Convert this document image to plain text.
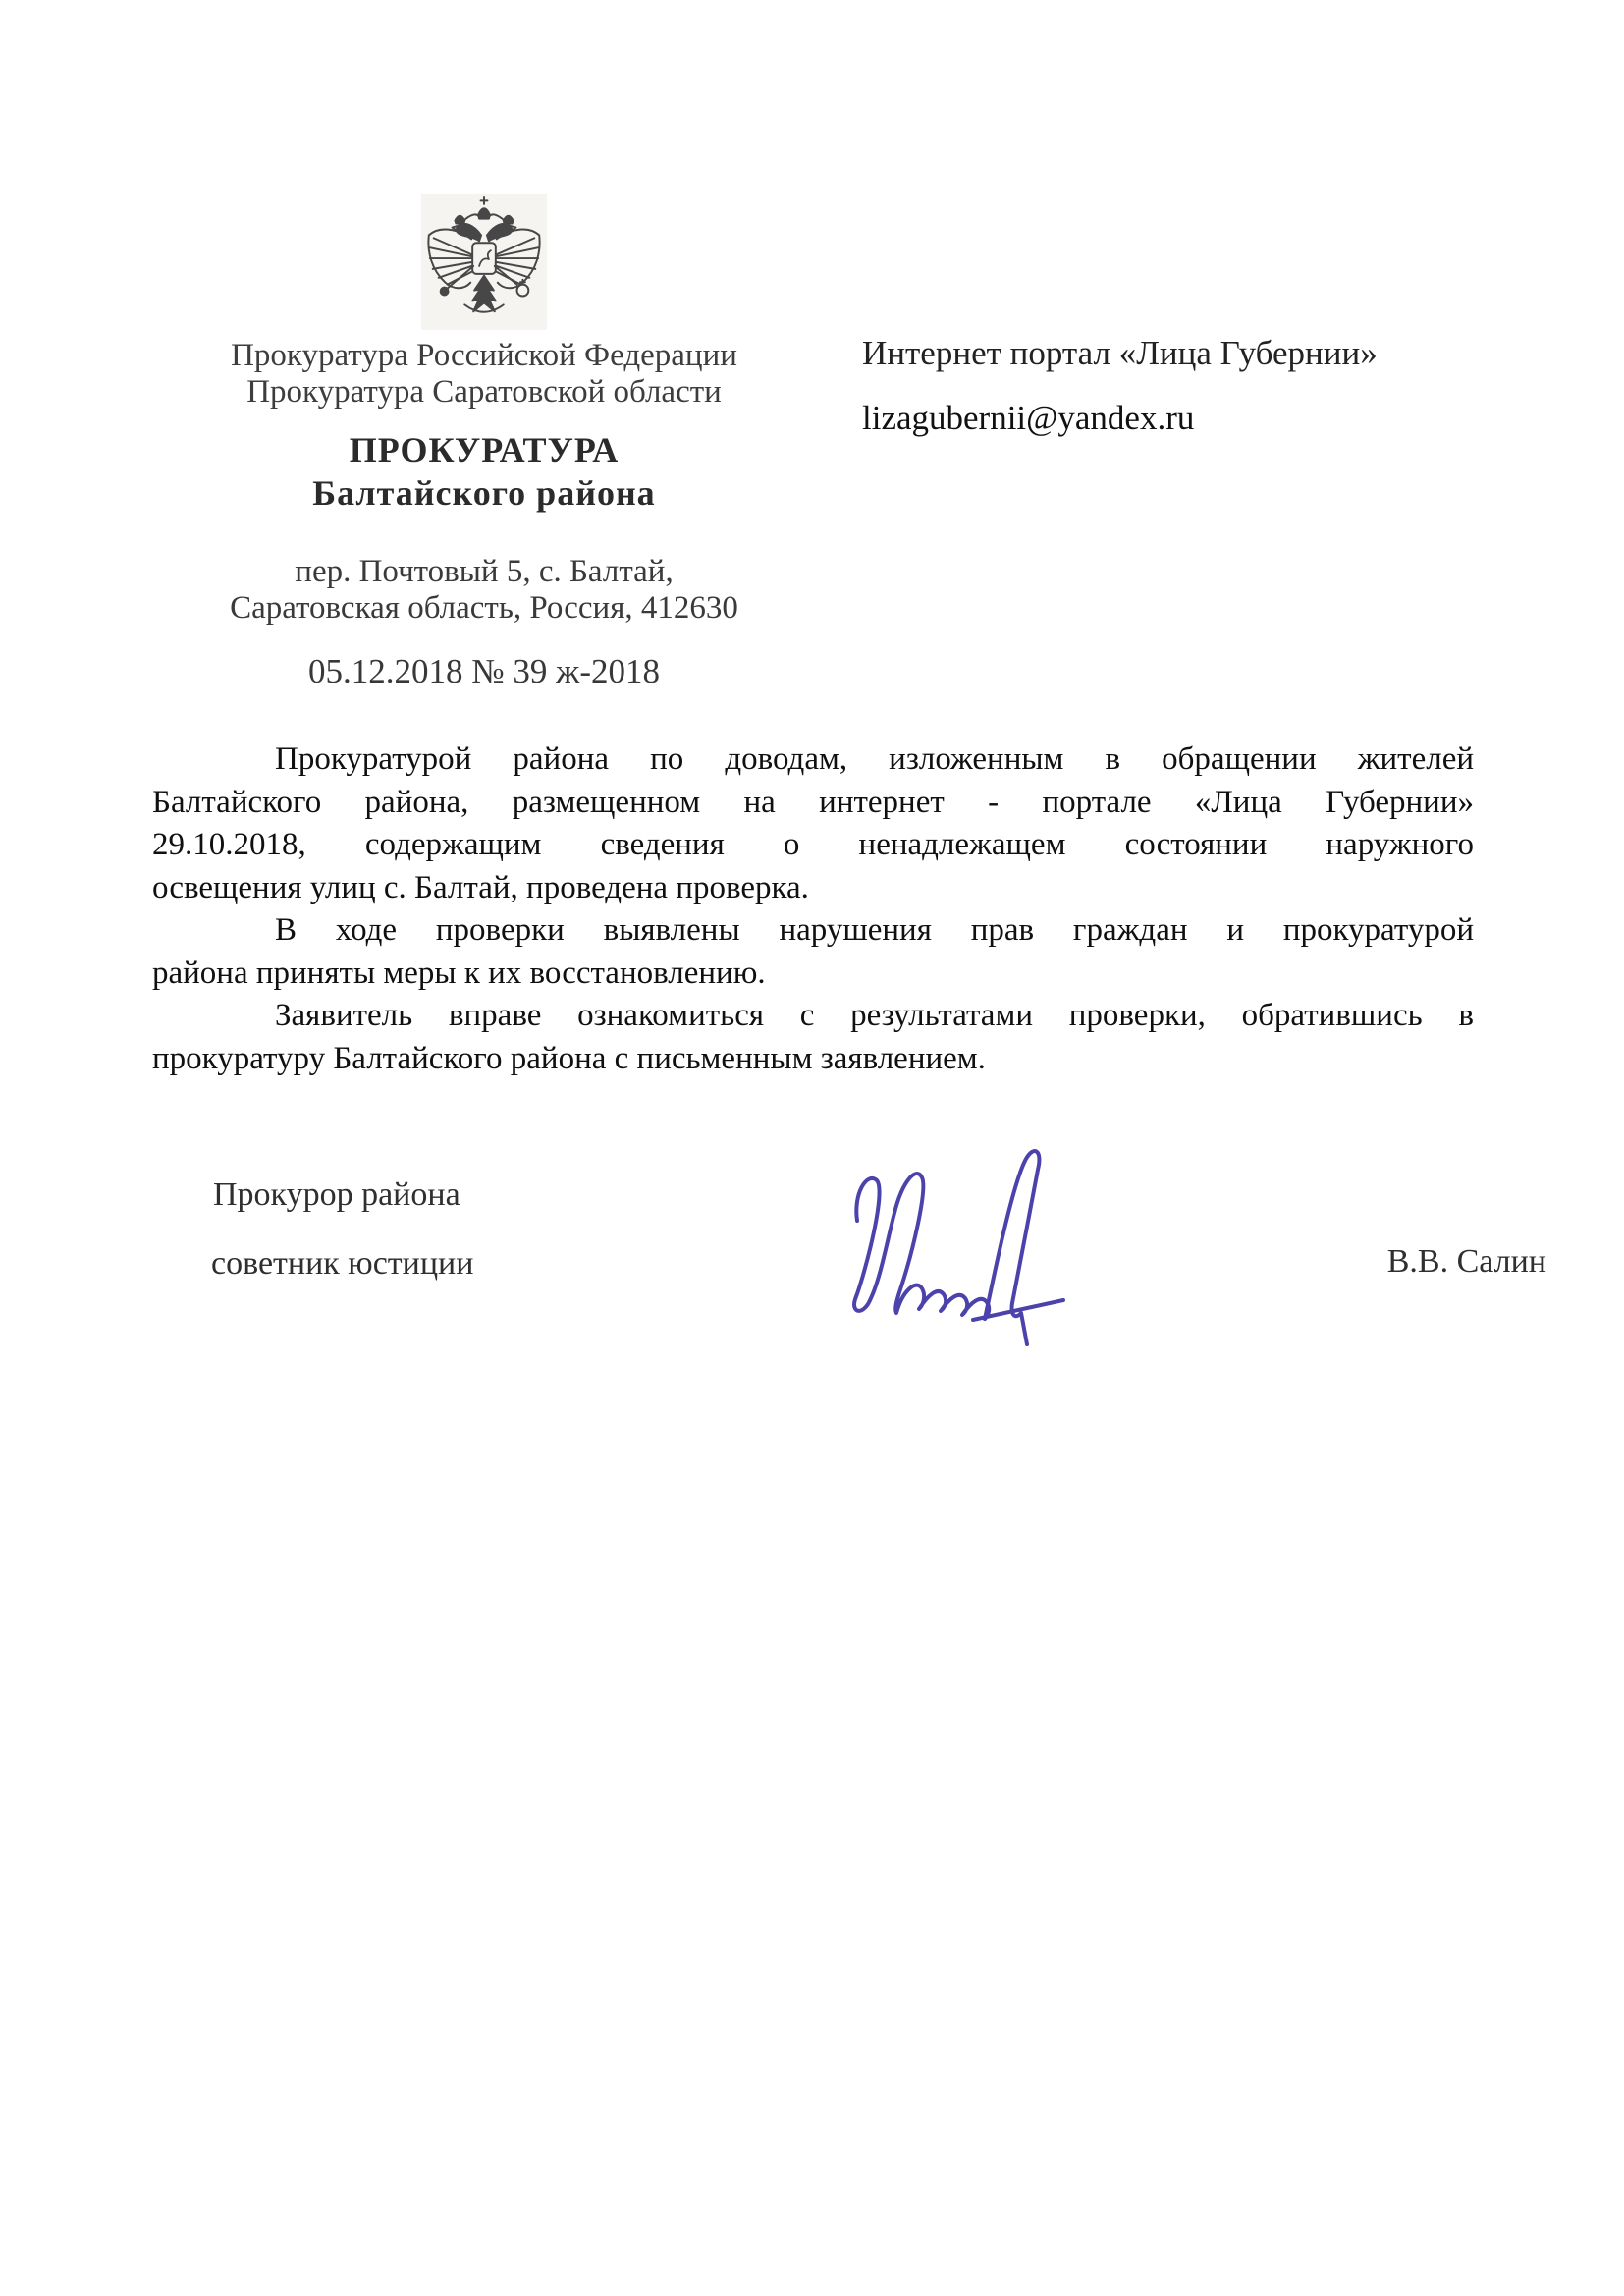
Прокуратура Российской Федерации
Прокуратура Саратовской области
ПРОКУРАТУРА
Балтайского района
пер. Почтовый 5, с. Балтай,
Саратовская область, Россия, 412630
05.12.2018 № 39 ж-2018
Интернет портал «Лица Губернии»
lizagubernii@yandex.ru
Прокуратурой районa по доводам, изложенным в обращении жителей
Балтайского района, размещенном на интернет - портале «Лица Губернии»
29.10.2018, содержащим сведения о ненадлежащем состоянии наружного
освещения улиц с. Балтай, проведена проверка.
В ходе проверки выявлены нарушения прав граждан и прокуратурой
района приняты меры к их восстановлению.
Заявитель вправе ознакомиться с результатами проверки, обратившись в
прокуратуру Балтайского района с письменным заявлением.
Прокурор района
советник юстиции	В.В. Салин
